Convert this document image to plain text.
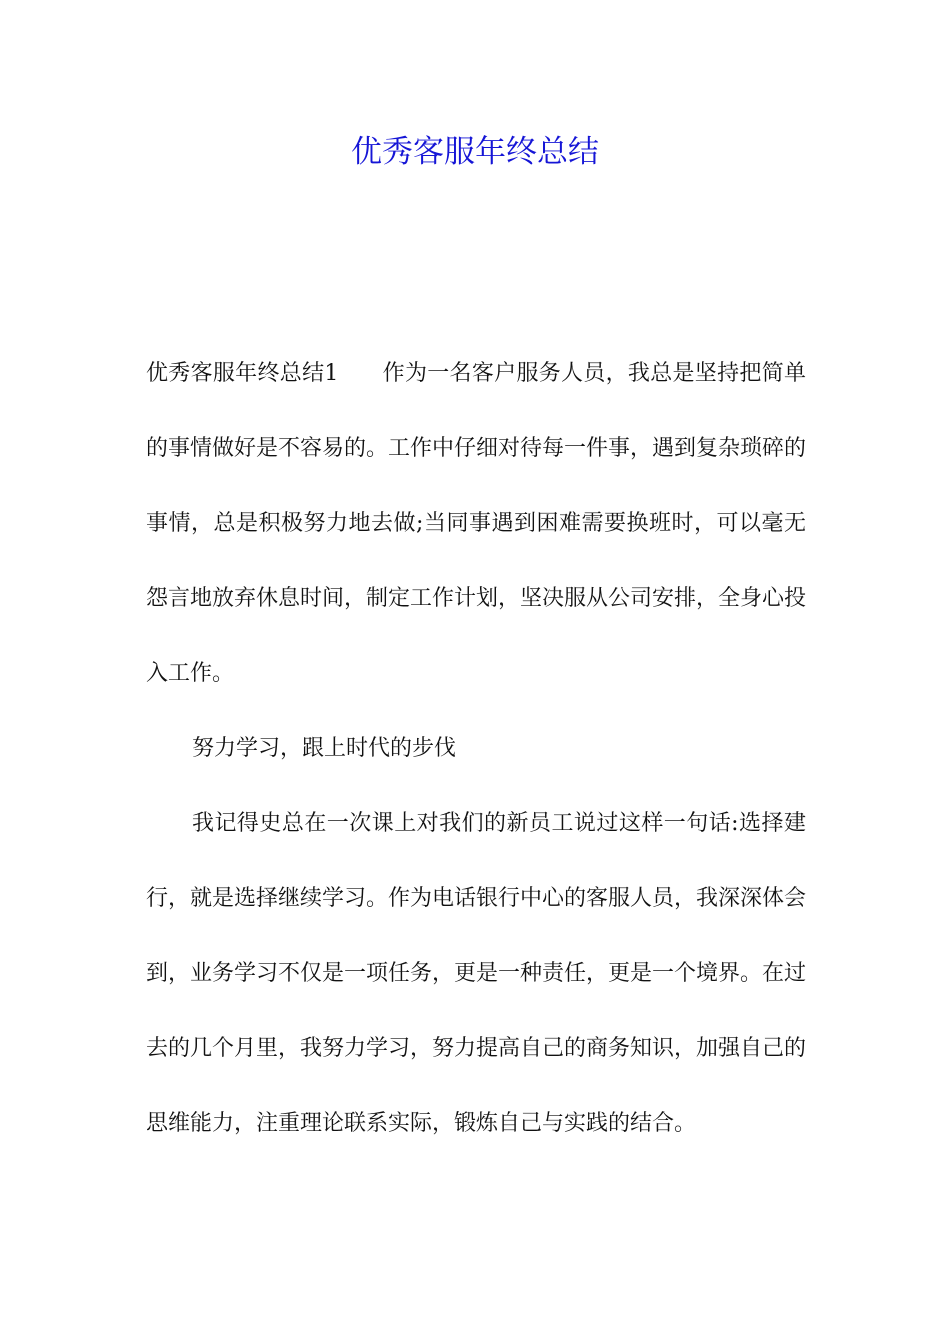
优秀客服年终总结

优秀客服年终总结1 作为一名客户服务人员，我总是坚持把简单的事情做好是不容易的。工作中仔细对待每一件事，遇到复杂琐碎的事情，总是积极努力地去做;当同事遇到困难需要换班时，可以毫无怨言地放弃休息时间，制定工作计划，坚决服从公司安排，全身心投入工作。

努力学习，跟上时代的步伐

我记得史总在一次课上对我们的新员工说过这样一句话:选择建行，就是选择继续学习。作为电话银行中心的客服人员，我深深体会到，业务学习不仅是一项任务，更是一种责任，更是一个境界。在过去的几个月里，我努力学习，努力提高自己的商务知识，加强自己的思维能力，注重理论联系实际，锻炼自己与实践的结合。
